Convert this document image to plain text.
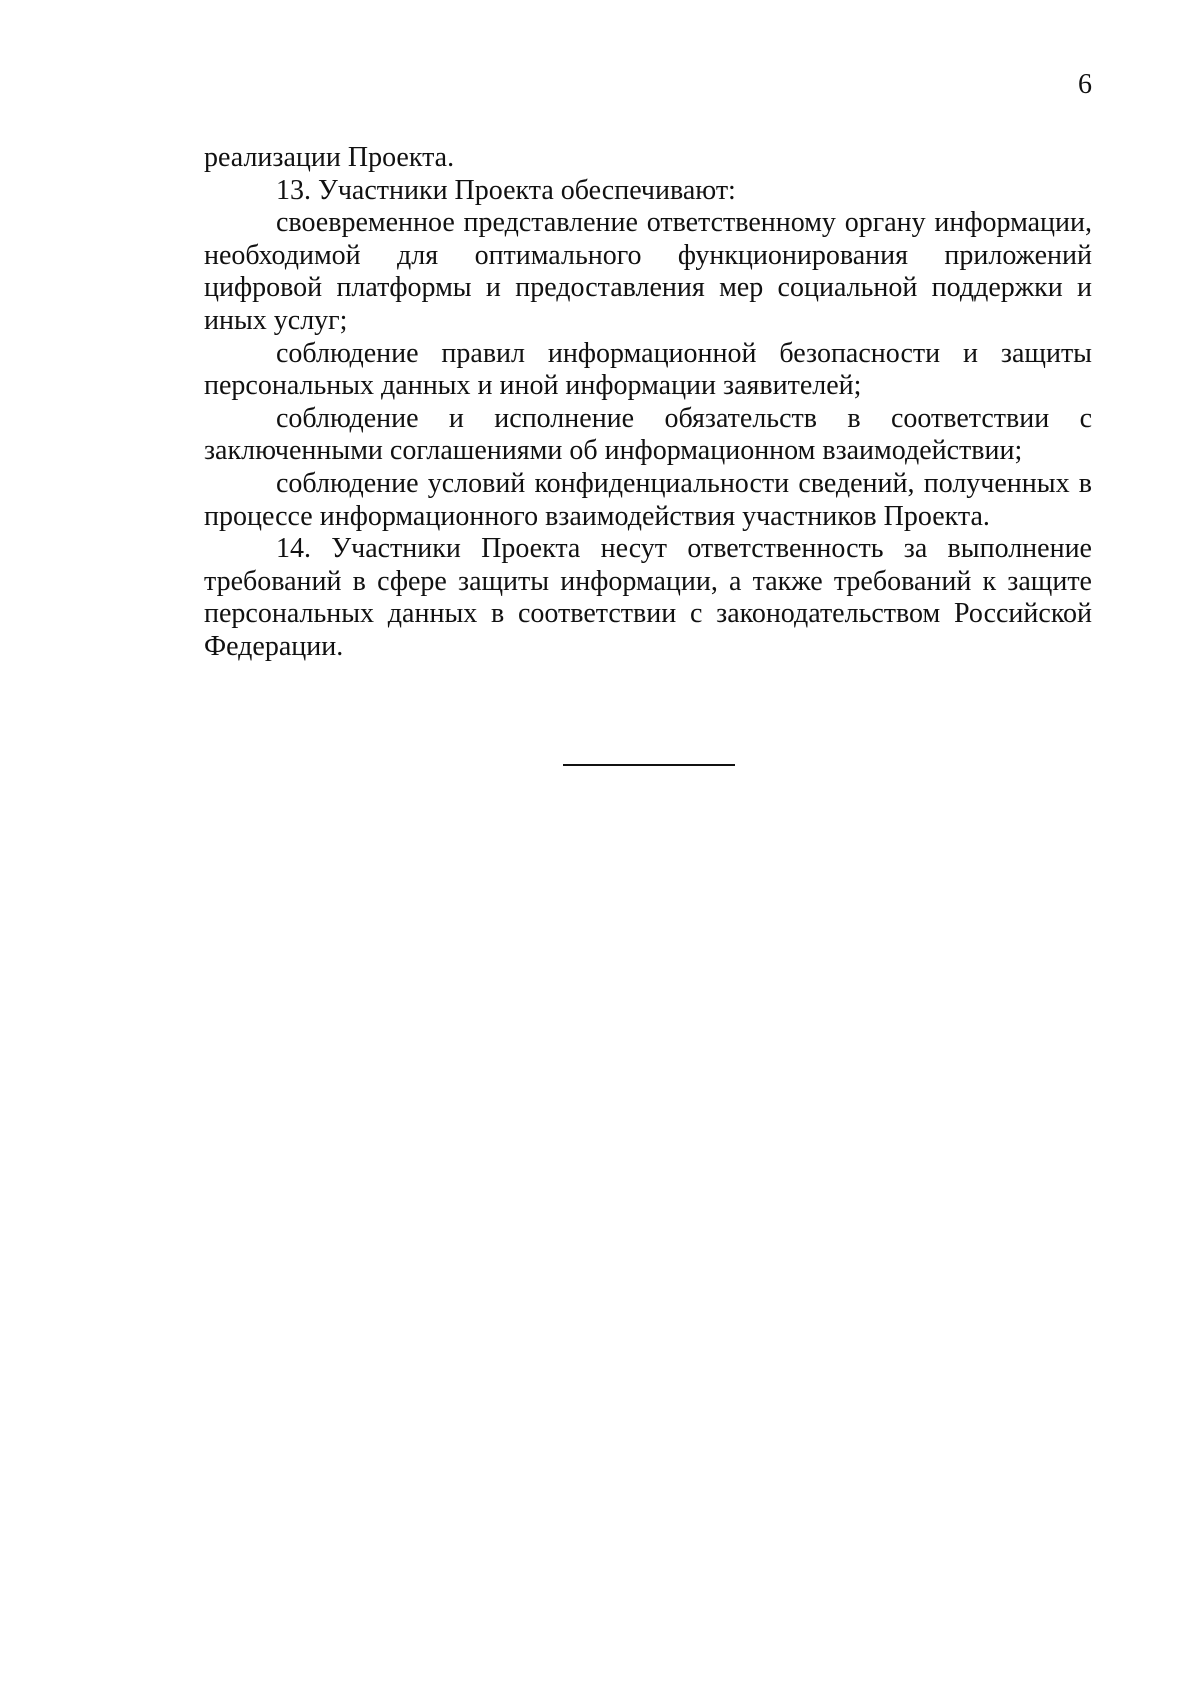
6

реализации Проекта.

13. Участники Проекта обеспечивают:

своевременное представление ответственному органу информации, необходимой для оптимального функционирования приложений цифровой платформы и предоставления мер социальной поддержки и иных услуг;

соблюдение правил информационной безопасности и защиты персональных данных и иной информации заявителей;

соблюдение и исполнение обязательств в соответствии с заключенными соглашениями об информационном взаимодействии;

соблюдение условий конфиденциальности сведений, полученных в процессе информационного взаимодействия участников Проекта.

14. Участники Проекта несут ответственность за выполнение требований в сфере защиты информации, а также требований к защите персональных данных в соответствии с законодательством Российской Федерации.
